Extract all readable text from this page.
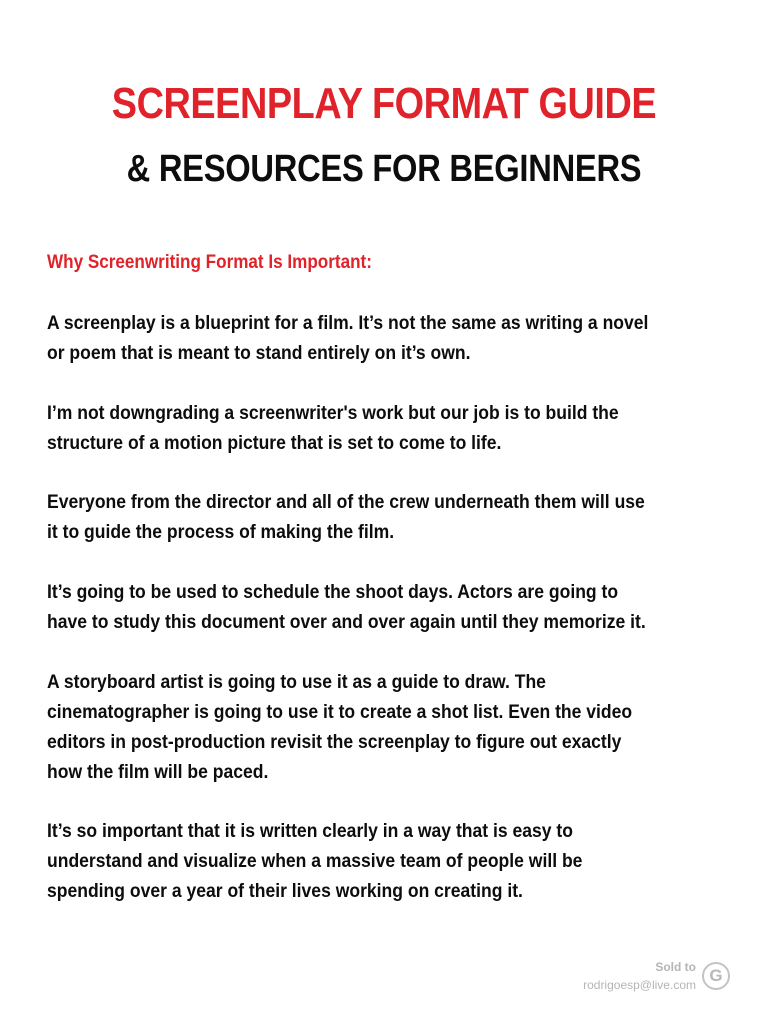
SCREENPLAY FORMAT GUIDE
& RESOURCES FOR BEGINNERS
Why Screenwriting Format Is Important:
A screenplay is a blueprint for a film. It’s not the same as writing a novel
or poem that is meant to stand entirely on it’s own.
I’m not downgrading a screenwriter's work but our job is to build the
structure of a motion picture that is set to come to life.
Everyone from the director and all of the crew underneath them will use
it to guide the process of making the film.
It’s going to be used to schedule the shoot days. Actors are going to
have to study this document over and over again until they memorize it.
A storyboard artist is going to use it as a guide to draw. The
cinematographer is going to use it to create a shot list. Even the video
editors in post-production revisit the screenplay to figure out exactly
how the film will be paced.
It’s so important that it is written clearly in a way that is easy to
understand and visualize when a massive team of people will be
spending over a year of their lives working on creating it.
Sold to
rodrigoesp@live.com G
